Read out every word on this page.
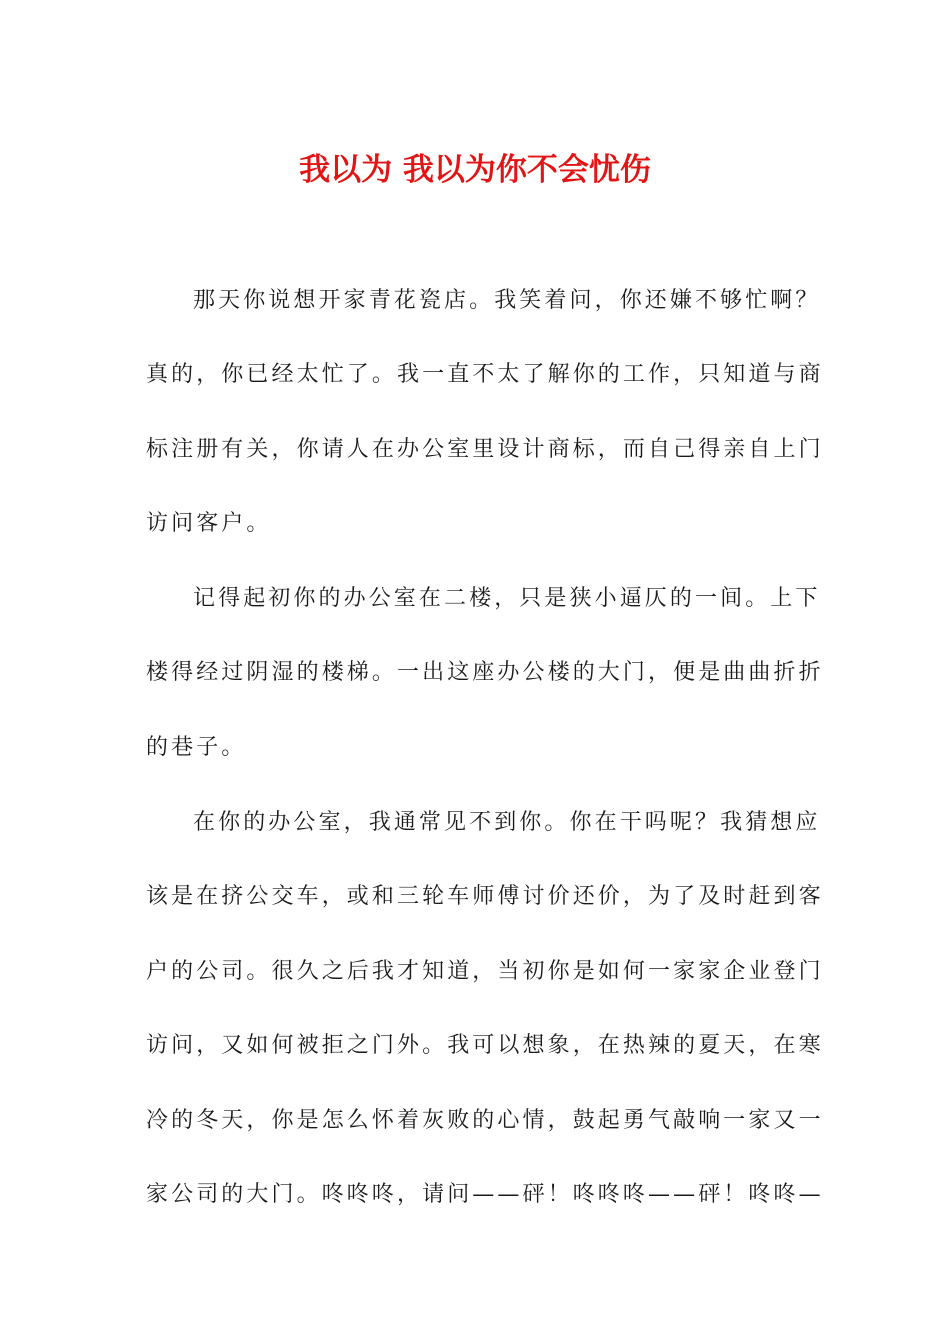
我以为 我以为你不会忧伤
那天你说想开家青花瓷店。我笑着问，你还嫌不够忙啊？
真的，你已经太忙了。我一直不太了解你的工作，只知道与商
标注册有关，你请人在办公室里设计商标，而自己得亲自上门
访问客户。
记得起初你的办公室在二楼，只是狭小逼仄的一间。上下
楼得经过阴湿的楼梯。一出这座办公楼的大门，便是曲曲折折
的巷子。
在你的办公室，我通常见不到你。你在干吗呢？我猜想应
该是在挤公交车，或和三轮车师傅讨价还价，为了及时赶到客
户的公司。很久之后我才知道，当初你是如何一家家企业登门
访问，又如何被拒之门外。我可以想象，在热辣的夏天，在寒
冷的冬天，你是怎么怀着灰败的心情，鼓起勇气敲响一家又一
家公司的大门。咚咚咚，请问——砰！咚咚咚——砰！咚咚—
